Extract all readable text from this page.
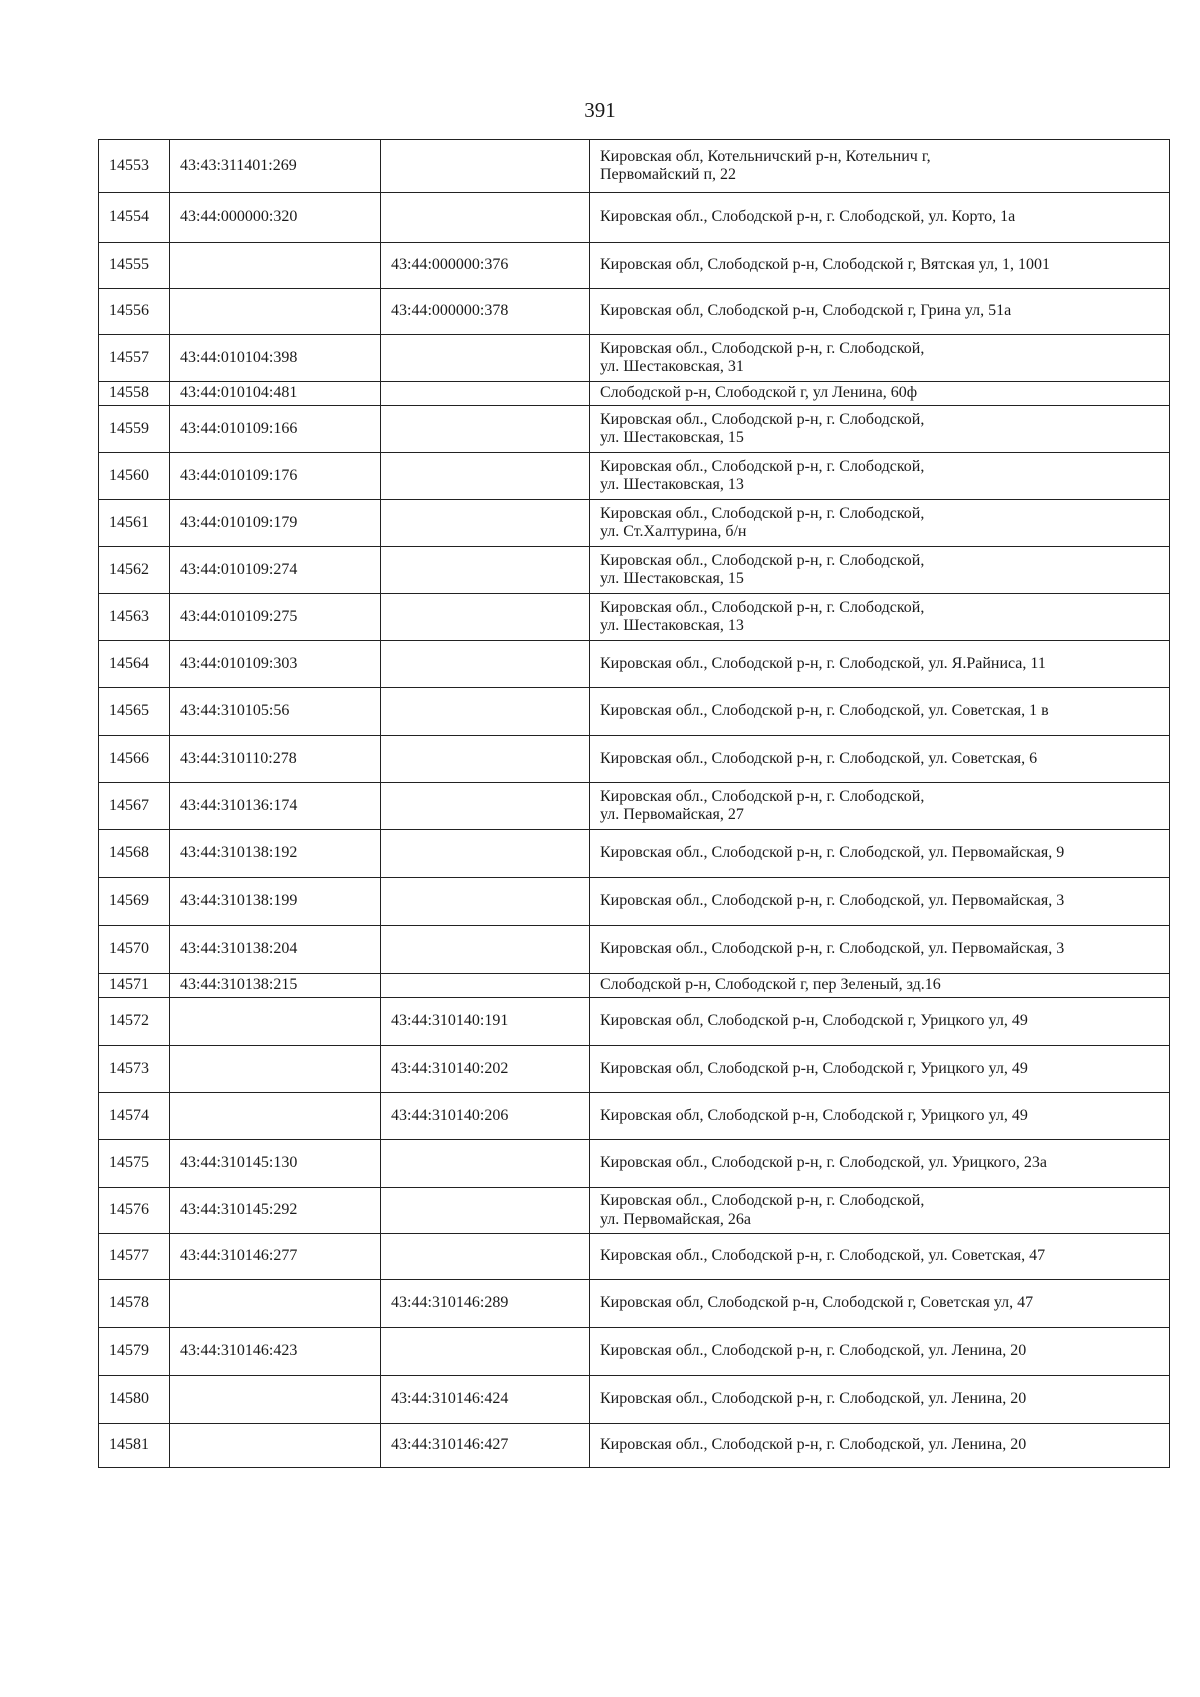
391
14553	43:43:311401:269		Кировская обл, Котельничский р-н, Котельнич г,
Первомайский п, 22

14554	43:44:000000:320		Кировская обл., Слободской р-н, г. Слободской, ул. Корто, 1а

14555		43:44:000000:376	Кировская обл, Слободской р-н, Слободской г, Вятская ул, 1, 1001

14556		43:44:000000:378	Кировская обл, Слободской р-н, Слободской г, Грина ул, 51а

14557	43:44:010104:398		Кировская обл., Слободской р-н, г. Слободской,
ул. Шестаковская, 31

14558	43:44:010104:481		Слободской р-н, Слободской г, ул Ленина, 60ф

14559	43:44:010109:166		Кировская обл., Слободской р-н, г. Слободской,
ул. Шестаковская, 15

14560	43:44:010109:176		Кировская обл., Слободской р-н, г. Слободской,
ул. Шестаковская, 13

14561	43:44:010109:179		Кировская обл., Слободской р-н, г. Слободской,
ул. Ст.Халтурина, б/н

14562	43:44:010109:274		Кировская обл., Слободской р-н, г. Слободской,
ул. Шестаковская, 15

14563	43:44:010109:275		Кировская обл., Слободской р-н, г. Слободской,
ул. Шестаковская, 13

14564	43:44:010109:303		Кировская обл., Слободской р-н, г. Слободской, ул. Я.Райниса, 11

14565	43:44:310105:56		Кировская обл., Слободской р-н, г. Слободской, ул. Советская, 1 в

14566	43:44:310110:278		Кировская обл., Слободской р-н, г. Слободской, ул. Советская, 6

14567	43:44:310136:174		Кировская обл., Слободской р-н, г. Слободской,
ул. Первомайская, 27

14568	43:44:310138:192		Кировская обл., Слободской р-н, г. Слободской, ул. Первомайская, 9

14569	43:44:310138:199		Кировская обл., Слободской р-н, г. Слободской, ул. Первомайская, 3

14570	43:44:310138:204		Кировская обл., Слободской р-н, г. Слободской, ул. Первомайская, 3

14571	43:44:310138:215		Слободской р-н, Слободской г, пер Зеленый, зд.16

14572		43:44:310140:191	Кировская обл, Слободской р-н, Слободской г, Урицкого ул, 49

14573		43:44:310140:202	Кировская обл, Слободской р-н, Слободской г, Урицкого ул, 49

14574		43:44:310140:206	Кировская обл, Слободской р-н, Слободской г, Урицкого ул, 49

14575	43:44:310145:130		Кировская обл., Слободской р-н, г. Слободской, ул. Урицкого, 23а

14576	43:44:310145:292		Кировская обл., Слободской р-н, г. Слободской,
ул. Первомайская, 26а

14577	43:44:310146:277		Кировская обл., Слободской р-н, г. Слободской, ул. Советская, 47

14578		43:44:310146:289	Кировская обл, Слободской р-н, Слободской г, Советская ул, 47

14579	43:44:310146:423		Кировская обл., Слободской р-н, г. Слободской, ул. Ленина, 20

14580		43:44:310146:424	Кировская обл., Слободской р-н, г. Слободской, ул. Ленина, 20

14581		43:44:310146:427	Кировская обл., Слободской р-н, г. Слободской, ул. Ленина, 20
